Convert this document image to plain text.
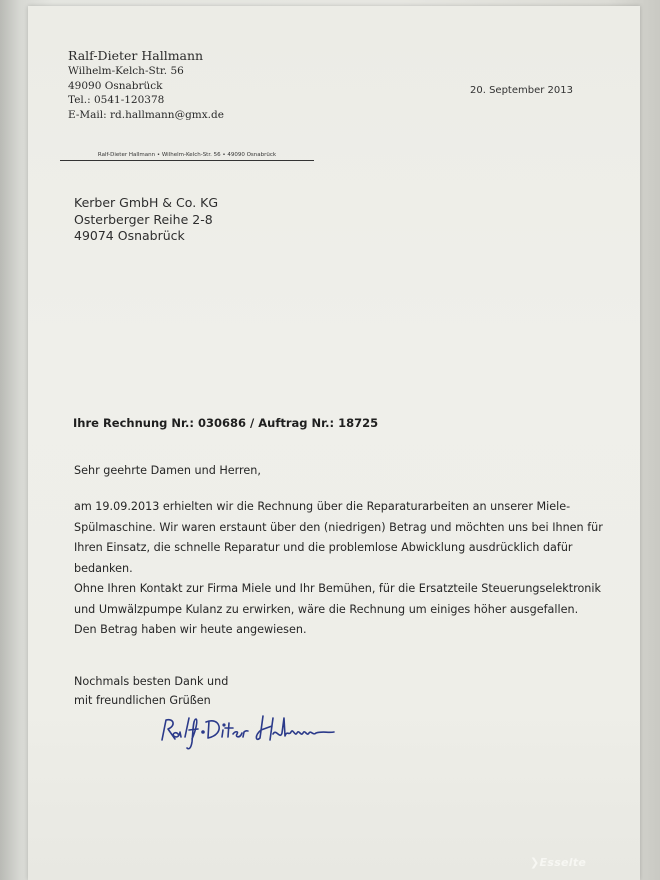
Ralf-Dieter Hallmann
Wilhelm-Kelch-Str. 56
49090 Osnabrück
Tel.: 0541-120378
E-Mail: rd.hallmann@gmx.de
20. September 2013
Ralf-Dieter Hallmann • Wilhelm-Kelch-Str. 56 • 49090 Osnabrück
Kerber GmbH & Co. KG
Osterberger Reihe 2-8
49074 Osnabrück
Ihre Rechnung Nr.: 030686 / Auftrag Nr.: 18725
Sehr geehrte Damen und Herren,

am 19.09.2013 erhielten wir die Rechnung über die Reparaturarbeiten an unserer Miele-

Spülmaschine. Wir waren erstaunt über den (niedrigen) Betrag und möchten uns bei Ihnen für

Ihren Einsatz, die schnelle Reparatur und die problemlose Abwicklung ausdrücklich dafür

bedanken.

Ohne Ihren Kontakt zur Firma Miele und Ihr Bemühen, für die Ersatzteile Steuerungselektronik

und Umwälzpumpe Kulanz zu erwirken, wäre die Rechnung um einiges höher ausgefallen.

Den Betrag haben wir heute angewiesen.

Nochmals besten Dank und
mit freundlichen Grüßen
❯Esselte
